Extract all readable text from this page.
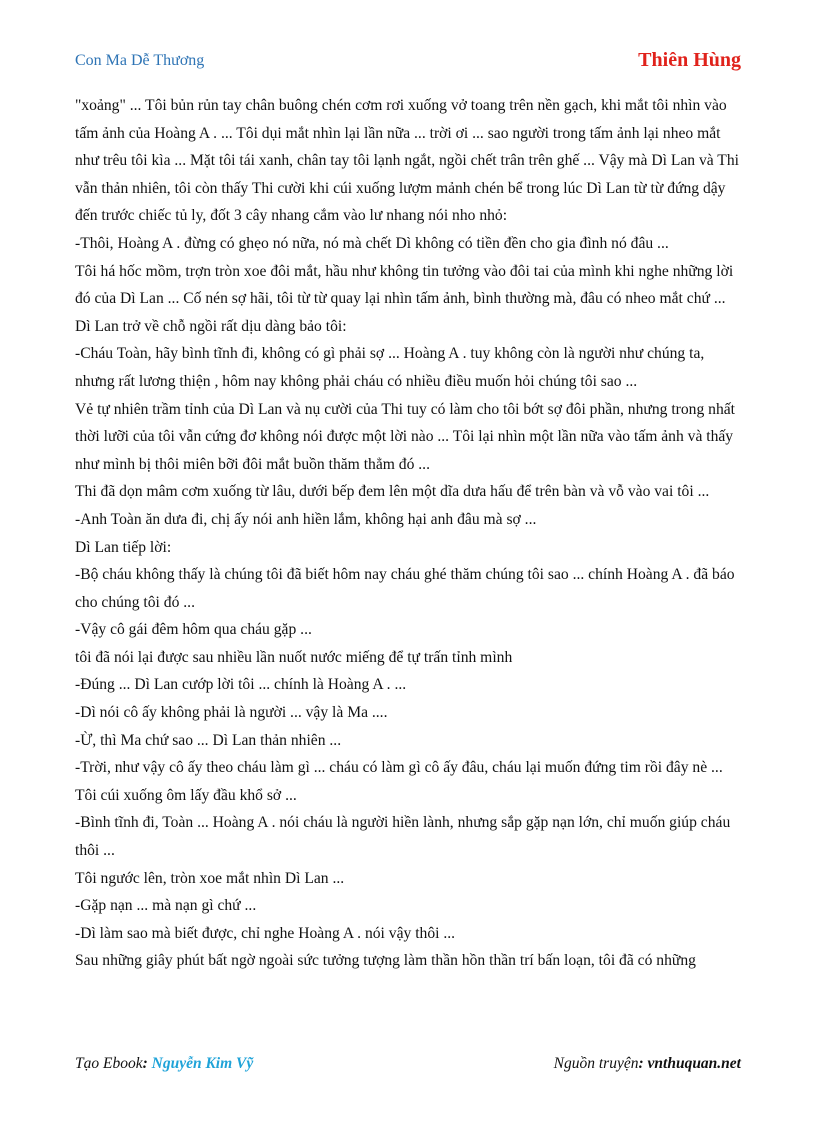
Con Ma Dễ Thương	Thiên Hùng

"xoảng" ... Tôi bủn rủn tay chân buông chén cơm rơi xuống vở toang trên nền gạch, khi mắt tôi nhìn vào tấm ảnh của Hoàng A . ... Tôi dụi mắt nhìn lại lần nữa ... trời ơi ... sao người trong tấm ảnh lại nheo mắt như trêu tôi kìa ... Mặt tôi tái xanh, chân tay tôi lạnh ngắt, ngồi chết trân trên ghế ... Vậy mà Dì Lan và Thi vẫn thản nhiên, tôi còn thấy Thi cười khi cúi xuống lượm mảnh chén bể trong lúc Dì Lan từ từ đứng dậy đến trước chiếc tủ ly, đốt 3 cây nhang cắm vào lư nhang nói nho nhỏ:

-Thôi, Hoàng A . đừng có ghẹo nó nữa, nó mà chết Dì không có tiền đền cho gia đình nó đâu ...

Tôi há hốc mồm, trợn tròn xoe đôi mắt, hầu như không tin tưởng vào đôi tai của mình khi nghe những lời đó của Dì Lan ... Cố nén sợ hãi, tôi từ từ quay lại nhìn tấm ảnh, bình thường mà, đâu có nheo mắt chứ ... Dì Lan trở về chỗ ngồi rất dịu dàng bảo tôi:

-Cháu Toàn, hãy bình tĩnh đi, không có gì phải sợ ... Hoàng A . tuy không còn là người như chúng ta, nhưng rất lương thiện , hôm nay không phải cháu có nhiều điều muốn hỏi chúng tôi sao ...

Vẻ tự nhiên trầm tỉnh của Dì Lan và nụ cười của Thi tuy có làm cho tôi bớt sợ đôi phần, nhưng trong nhất thời lưỡi của tôi vẫn cứng đơ không nói được một lời nào ... Tôi lại nhìn một lần nữa vào tấm ảnh và thấy như mình bị thôi miên bỡi đôi mắt buồn thăm thẳm đó ...

Thi đã dọn mâm cơm xuống từ lâu, dưới bếp đem lên một dĩa dưa hấu để trên bàn và vỗ vào vai tôi ...

-Anh Toàn ăn dưa đi, chị ấy nói anh hiền lắm, không hại anh đâu mà sợ ...

Dì Lan tiếp lời:

-Bộ cháu không thấy là chúng tôi đã biết hôm nay cháu ghé thăm chúng tôi sao ... chính Hoàng A . đã báo cho chúng tôi đó ...

-Vậy cô gái đêm hôm qua cháu gặp ...

tôi đã nói lại được sau nhiều lần nuốt nước miếng để tự trấn tỉnh mình

-Đúng ... Dì Lan cướp lời tôi ... chính là Hoàng A . ...

-Dì nói cô ấy không phải là người ... vậy là Ma ....

-Ừ, thì Ma chứ sao ... Dì Lan thản nhiên ...

-Trời, như vậy cô ấy theo cháu làm gì ... cháu có làm gì cô ấy đâu, cháu lại muốn đứng tim rồi đây nè ...

Tôi cúi xuống ôm lấy đầu khổ sở ...

-Bình tĩnh đi, Toàn ... Hoàng A . nói cháu là người hiền lành, nhưng sắp gặp nạn lớn, chỉ muốn giúp cháu thôi ...

Tôi ngước lên, tròn xoe mắt nhìn Dì Lan ...

-Gặp nạn ... mà nạn gì chứ ...

-Dì làm sao mà biết được, chỉ nghe Hoàng A . nói vậy thôi ...

Sau những giây phút bất ngờ ngoài sức tưởng tượng làm thần hồn thần trí bấn loạn, tôi đã có những

Tạo Ebook: Nguyễn Kim Vỹ	Nguồn truyện: vnthuquan.net
